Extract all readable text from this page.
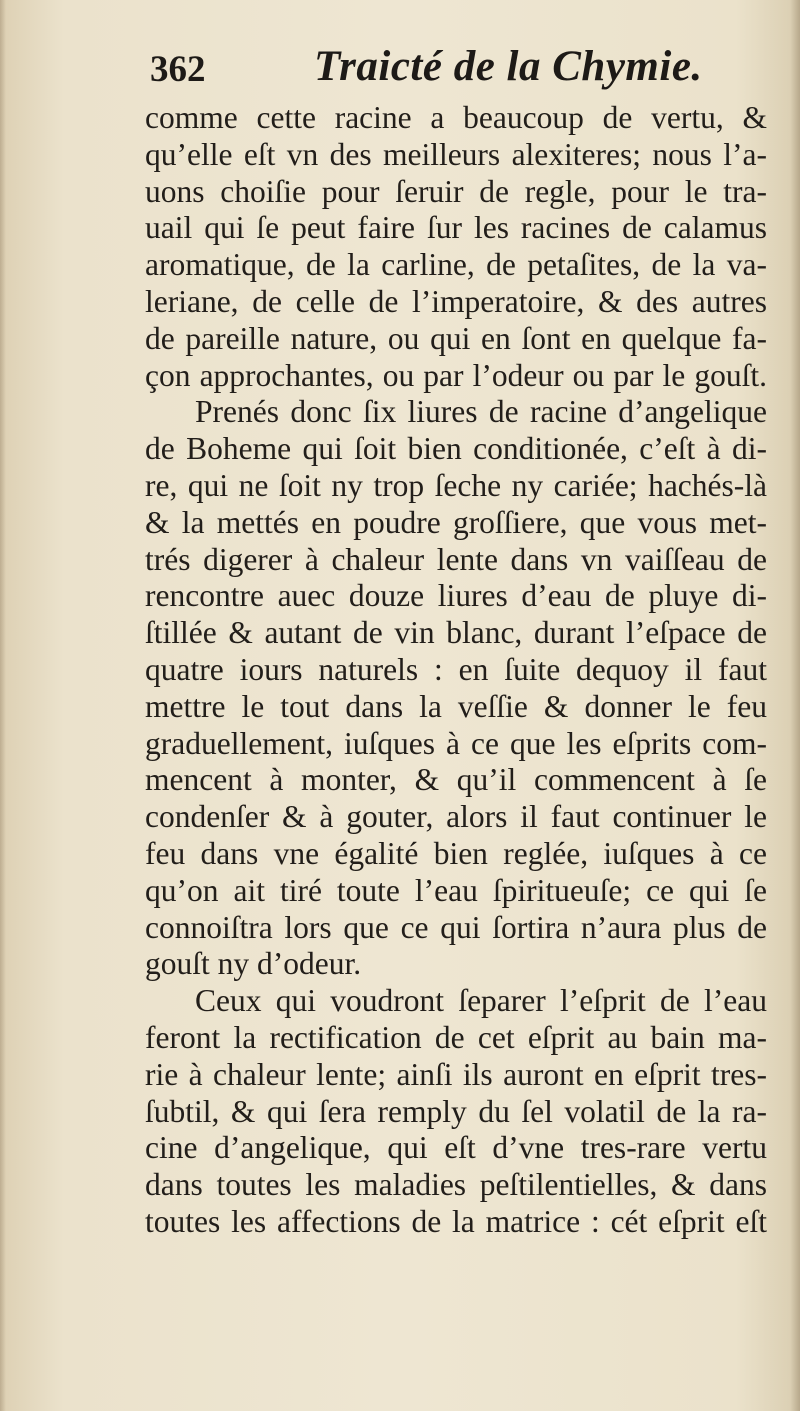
362	Traicté de la Chymie.
comme cette racine a beaucoup de vertu, &
qu’elle eſt vn des meilleurs alexiteres; nous l’a-
uons choiſie pour ſeruir de regle, pour le tra-
uail qui ſe peut faire ſur les racines de calamus
aromatique, de la carline, de petaſites, de la va-
leriane, de celle de l’imperatoire, & des autres
de pareille nature, ou qui en ſont en quelque fa-
çon approchantes, ou par l’odeur ou par le gouſt.
Prenés donc ſix liures de racine d’angelique
de Boheme qui ſoit bien conditionée, c’eſt à di-
re, qui ne ſoit ny trop ſeche ny cariée; hachés-là
& la mettés en poudre groſſiere, que vous met-
trés digerer à chaleur lente dans vn vaiſſeau de
rencontre auec douze liures d’eau de pluye di-
ſtillée & autant de vin blanc, durant l’eſpace de
quatre iours naturels : en ſuite dequoy il faut
mettre le tout dans la veſſie & donner le feu
graduellement, iuſques à ce que les eſprits com-
mencent à monter, & qu’il commencent à ſe
condenſer & à gouter, alors il faut continuer le
feu dans vne égalité bien reglée, iuſques à ce
qu’on ait tiré toute l’eau ſpiritueuſe; ce qui ſe
connoiſtra lors que ce qui ſortira n’aura plus de
gouſt ny d’odeur.
Ceux qui voudront ſeparer l’eſprit de l’eau
feront la rectification de cet eſprit au bain ma-
rie à chaleur lente; ainſi ils auront en eſprit tres-
ſubtil, & qui ſera remply du ſel volatil de la ra-
cine d’angelique, qui eſt d’vne tres-rare vertu
dans toutes les maladies peſtilentielles, & dans
toutes les affections de la matrice : cét eſprit eſt
